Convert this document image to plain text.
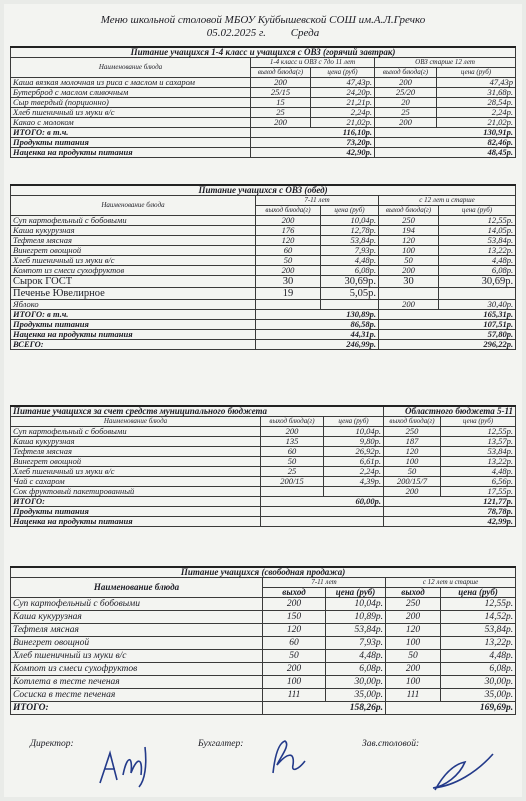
Меню школьной столовой МБОУ Куйбышевской СОШ им.А.Л.Гречко
05.02.2025 г. Среда
Питание учащихся 1-4 класс и учащихся с ОВЗ (горячий завтрак)				
Наименование блюда	1-4 класс и ОВЗ с 7до 11 лет		ОВЗ старше 12 лет	
	выход блюда(г)	цена (руб)	выход блюда(г)	цена (руб)
Каша вязкая молочная из риса с маслом и сахаром	200	47,43р.	200	47,43р
Бутерброд с маслом сливочным	25/15	24,20р.	25/20	31,68р.
Сыр твердый (порционно)	15	21,21р.	20	28,54р.
Хлеб пшеничный из муки в/с	25	2,24р.	25	2,24р.
Какао с молоком	200	21,02р.	200	21,02р.
ИТОГО: в т.ч.	116,10р.		130,91р.	
Продукты питания	73,20р.		82,46р.	
Наценка на продукты питания	42,90р.		48,45р.	
Питание учащихся с ОВЗ (обед)				
Наименование блюда	7-11 лет		с 12 лет и старше	
	выход блюда(г)	цена (руб)	выход блюда(г)	цена (руб)
Суп картофельный с бобовыми	200	10,04р.	250	12,55р.
Каша кукурузная	176	12,78р.	194	14,05р.
Тефтеля мясная	120	53,84р.	120	53,84р.
Винегрет овощной	60	7,93р.	100	13,22р.
Хлеб пшеничный из муки в/с	50	4,48р.	50	4,48р.
Компот из смеси сухофруктов	200	6,08р.	200	6,08р.
Сырок ГОСТ	30	30,69р.	30	30,69р.
Печенье Ювелирное	19	5,05р.		
Яблоко			200	30,40р.
ИТОГО: в т.ч.	130,89р.		165,31р.	
Продукты питания	86,58р.		107,51р.	
Наценка на продукты питания	44,31р.		57,80р.	
ВСЕГО:	246,99р.		296,22р.	
Питание учащихся за счет средств муниципального бюджета			Областного бюджета 5-11	
Наименование блюда	выход блюда(г)	цена (руб)	выход блюда(г)	цена (руб)
Суп картофельный с бобовыми	200	10,04р.	250	12,55р.
Каша кукурузная	135	9,80р.	187	13,57р.
Тефтеля мясная	60	26,92р.	120	53,84р.
Винегрет овощной	50	6,61р.	100	13,22р.
Хлеб пшеничный из муки в/с	25	2,24р.	50	4,48р.
Чай с сахаром	200/15	4,39р.	200/15/7	6,56р.
Сок фруктовый пакетированный			200	17,55р.
ИТОГО:	60,00р.		121,77р.	
Продукты питания			78,78р.	
Наценка на продукты питания			42,99р.	
Питание учащихся (свободная продажа)				
Наименование блюда	7-11 лет		с 12 лет и старше	
	выход	цена (руб)	выход	цена (руб)
Суп картофельный с бобовыми	200	10,04р.	250	12,55р.
Каша кукурузная	150	10,89р.	200	14,52р.
Тефтеля мясная	120	53,84р.	120	53,84р.
Винегрет овощной	60	7,93р.	100	13,22р.
Хлеб пшеничный из муки в/с	50	4,48р.	50	4,48р.
Компот из смеси сухофруктов	200	6,08р.	200	6,08р.
Котлета в тесте печеная	100	30,00р.	100	30,00р.
Сосиска в тесте печеная	111	35,00р.	111	35,00р.
ИТОГО:	158,26р.		169,69р.	
Директор:	Бухгалтер:	Зав.столовой:
